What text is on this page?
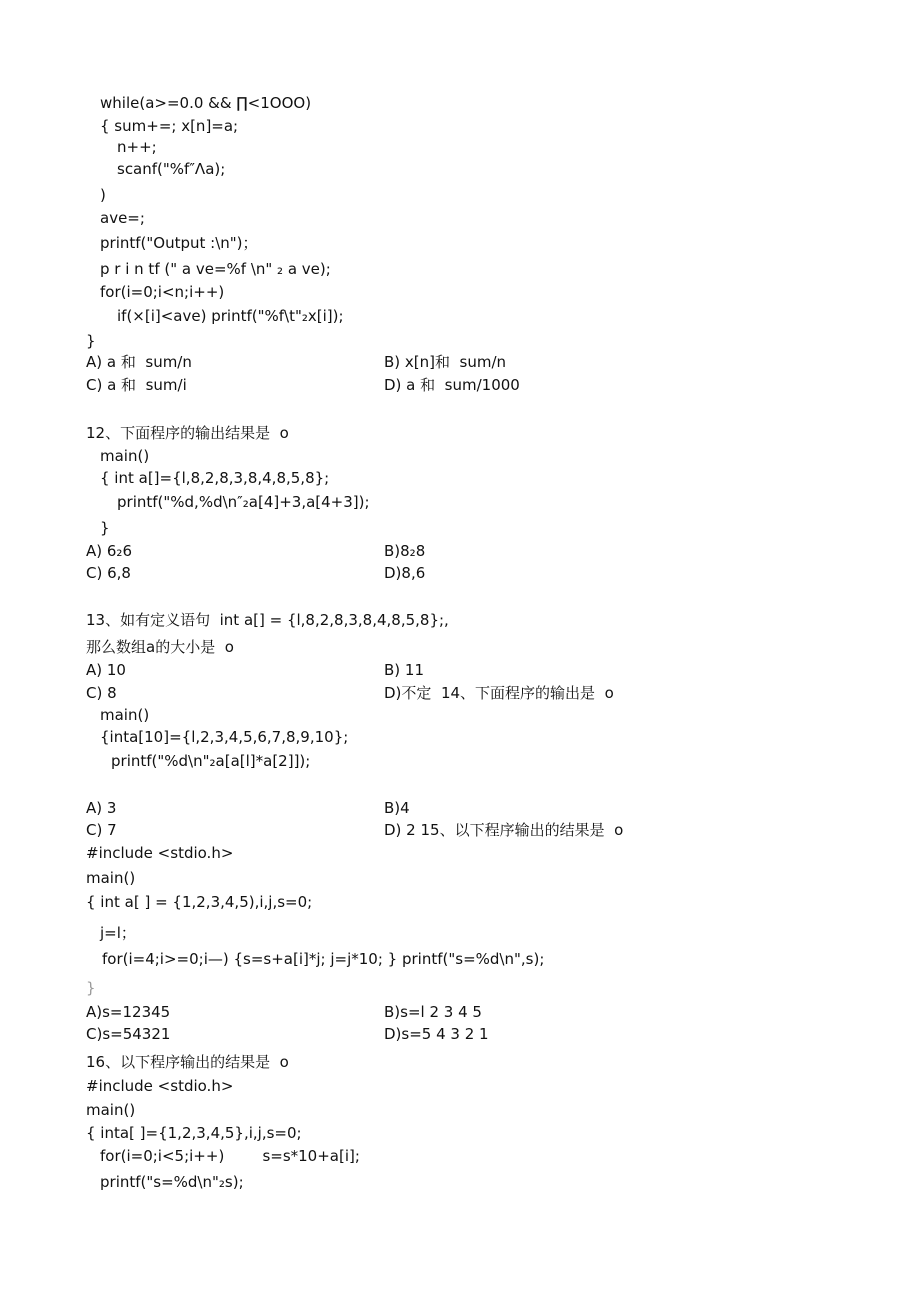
while(a>=0.0 && ∏<1OOO)
{ sum+=; x[n]=a;
n++;
scanf("%f″Λa);
)
ave=;
printf("Output :\n")；
p r i n tf (" a ve=%f \n" ₂ a ve);
for(i=0;i<n;i++)
if(×[i]<ave) printf("%f\t"₂x[i]);
}
A) a 和  sum/n	B) x[n]和  sum/n
C) a 和  sum/i	D) a 和  sum/1000
12、下面程序的输出结果是  o
main()
{ int a[]={l,8,2,8,3,8,4,8,5,8};
printf("%d,%d\n″₂a[4]+3,a[4+3]);
}
A) 6₂6	B)8₂8
C) 6,8	D)8,6
13、如有定义语句  int a[] = {l,8,2,8,3,8,4,8,5,8};,
那么数组a的大小是  o
A) 10	B) 11
C) 8	D)不定  14、下面程序的输出是  o
main()
{inta[10]={l,2,3,4,5,6,7,8,9,10};
printf("%d\n"₂a[a[l]*a[2]]);
A) 3	B)4
C) 7	D) 2 15、以下程序输出的结果是  o
#include <stdio.h>
main()
{ int a[ ] = {1,2,3,4,5),i,j,s=0;
j=l；
for(i=4;i>=0;i—) {s=s+a[i]*j; j=j*10; } printf("s=%d\n",s);
}
A)s=12345	B)s=l 2 3 4 5
C)s=54321	D)s=5 4 3 2 1
16、以下程序输出的结果是  o
#include <stdio.h>
main()
{ inta[ ]={1,2,3,4,5},i,j,s=0;
for(i=0;i<5;i++)        s=s*10+a[i];
printf("s=%d\n"₂s);
